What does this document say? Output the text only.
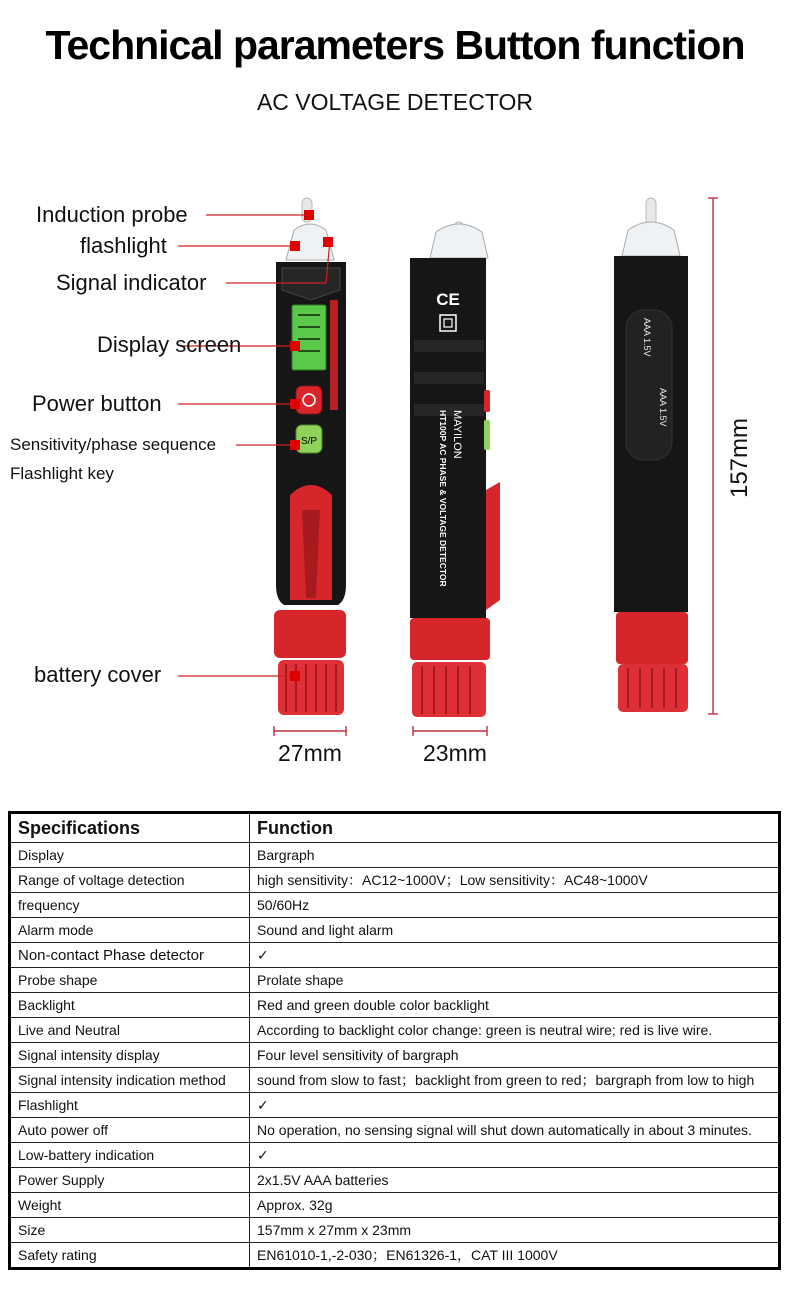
Technical parameters Button function
AC VOLTAGE DETECTOR
S/P
CE
MAYILON
HT100P AC PHASE & VOLTAGE DETECTOR
AAA 1.5V
AAA 1.5V
Induction probe
flashlight
Signal indicator
Display screen
Power button
Sensitivity/phase sequence
Flashlight key
battery cover
27mm	23mm
157mm
Specifications	Function
Display	Bargraph
Range of voltage detection	high sensitivity：AC12~1000V；Low sensitivity：AC48~1000V
frequency	50/60Hz
Alarm mode	Sound and light alarm
Non-contact Phase detector	✓
Probe shape	Prolate shape
Backlight	Red and green double color backlight
Live and Neutral	According to backlight color change: green is neutral wire; red is live wire.
Signal intensity display	Four level sensitivity of bargraph
Signal intensity indication method	sound from slow to fast；backlight from green to red；bargraph from low to high
Flashlight	✓
Auto power off	No operation, no sensing signal will shut down automatically in about 3 minutes.
Low-battery indication	✓
Power Supply	2x1.5V AAA batteries
Weight	Approx. 32g
Size	157mm x 27mm x 23mm
Safety rating	EN61010-1,-2-030；EN61326-1，CAT III 1000V
